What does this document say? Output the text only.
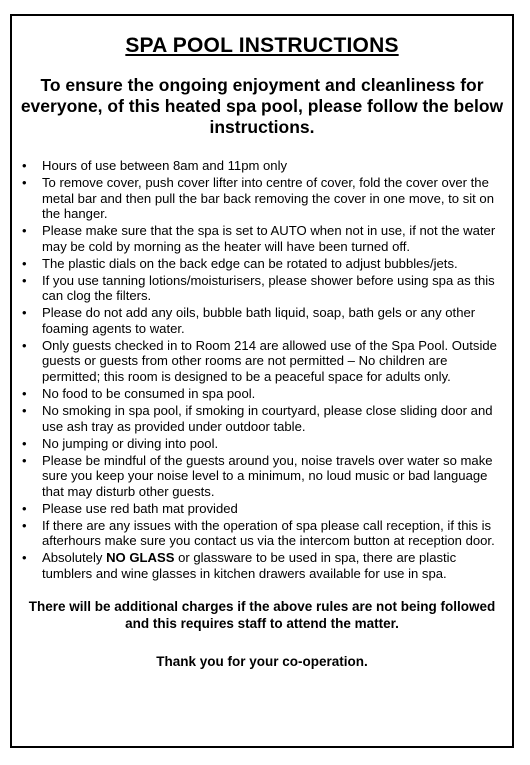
SPA POOL INSTRUCTIONS
To ensure the ongoing enjoyment and cleanliness for everyone, of this heated spa pool, please follow the below instructions.
• Hours of use between 8am and 11pm only
• To remove cover, push cover lifter into centre of cover, fold the cover over the metal bar and then pull the bar back removing the cover in one move, to sit on the hanger.
• Please make sure that the spa is set to AUTO when not in use, if not the water may be cold by morning as the heater will have been turned off.
• The plastic dials on the back edge can be rotated to adjust bubbles/jets.
• If you use tanning lotions/moisturisers, please shower before using spa as this can clog the filters.
• Please do not add any oils, bubble bath liquid, soap, bath gels or any other foaming agents to water.
• Only guests checked in to Room 214 are allowed use of the Spa Pool. Outside guests or guests from other rooms are not permitted – No children are permitted; this room is designed to be a peaceful space for adults only.
• No food to be consumed in spa pool.
• No smoking in spa pool, if smoking in courtyard, please close sliding door and use ash tray as provided under outdoor table.
• No jumping or diving into pool.
• Please be mindful of the guests around you, noise travels over water so make sure you keep your noise level to a minimum, no loud music or bad language that may disturb other guests.
• Please use red bath mat provided
• If there are any issues with the operation of spa please call reception, if this is afterhours make sure you contact us via the intercom button at reception door.
• Absolutely NO GLASS or glassware to be used in spa, there are plastic tumblers and wine glasses in kitchen drawers available for use in spa.
There will be additional charges if the above rules are not being followed and this requires staff to attend the matter.
Thank you for your co-operation.
